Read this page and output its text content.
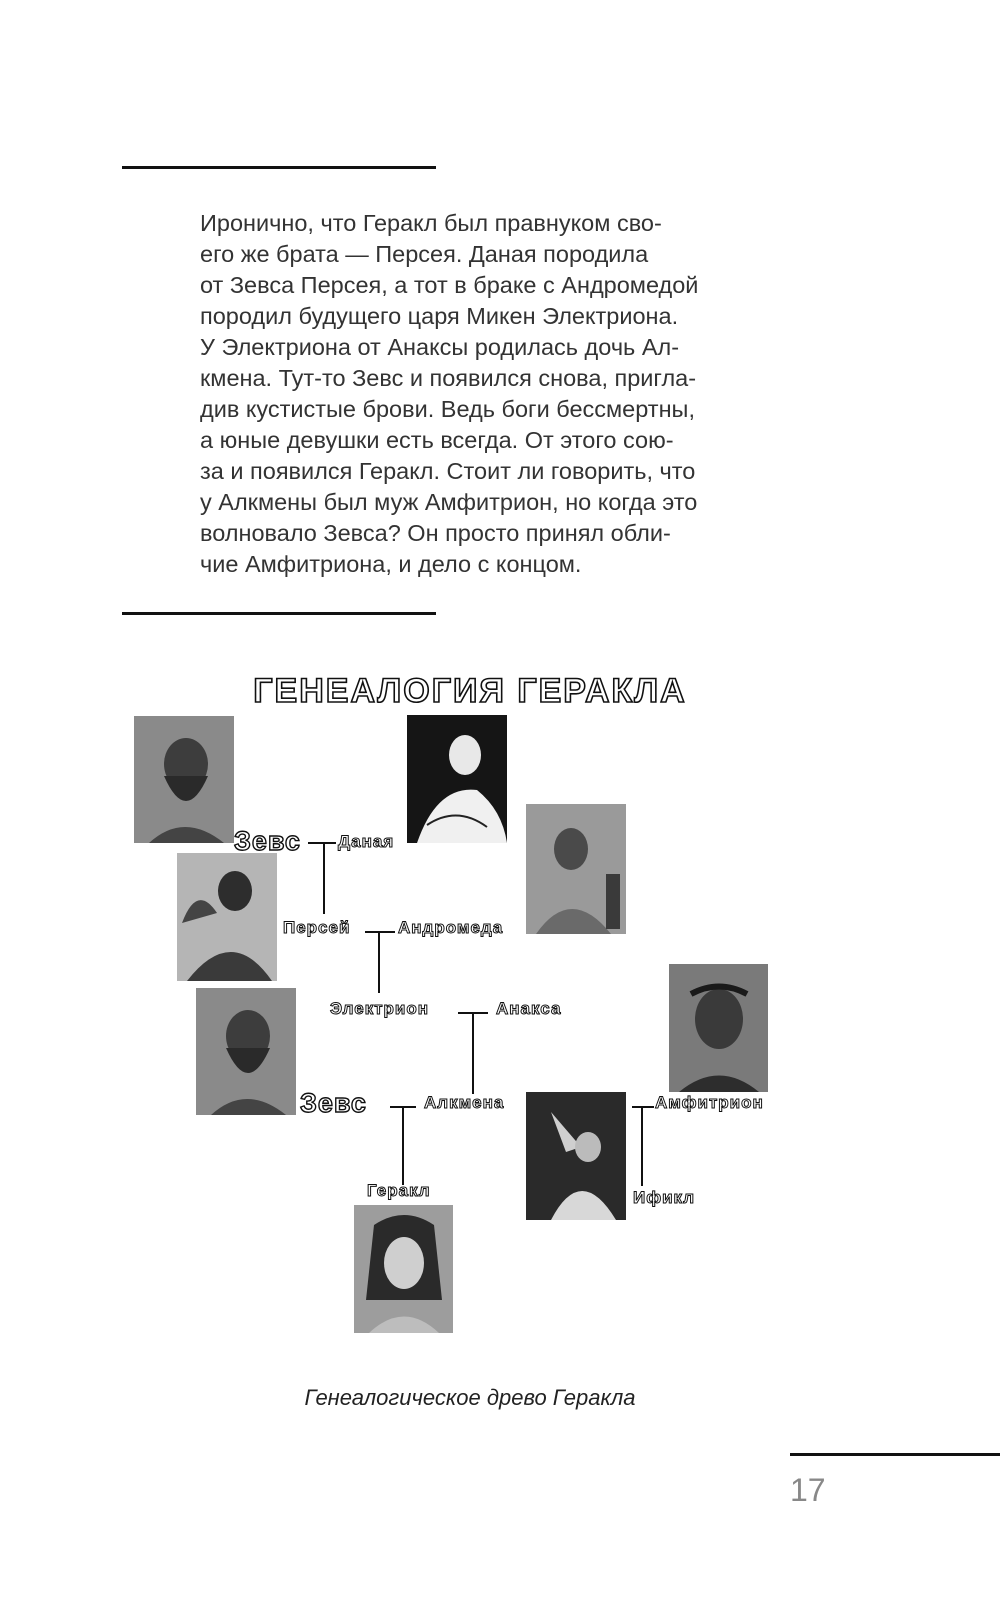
Иронично, что Геракл был правнуком сво-
его же брата — Персея. Даная породила
от Зевса Персея, а тот в браке с Андромедой
породил будущего царя Микен Электриона.
У Электриона от Анаксы родилась дочь Ал-
кмена. Тут-то Зевс и появился снова, пригла-
див кустистые брови. Ведь боги бессмертны,
а юные девушки есть всегда. От этого сою-
за и появился Геракл. Стоит ли говорить, что
у Алкмены был муж Амфитрион, но когда это
волновало Зевса? Он просто принял обли-
чие Амфитриона, и дело с концом.

ГЕНЕАЛОГИЯ ГЕРАКЛА
Зевс Даная
Персей	Андромеда
Электрион	Анакса
Зевс	Алкмена	Амфитрион
Геракл	Ификл
Генеалогическое древо Геракла
17
